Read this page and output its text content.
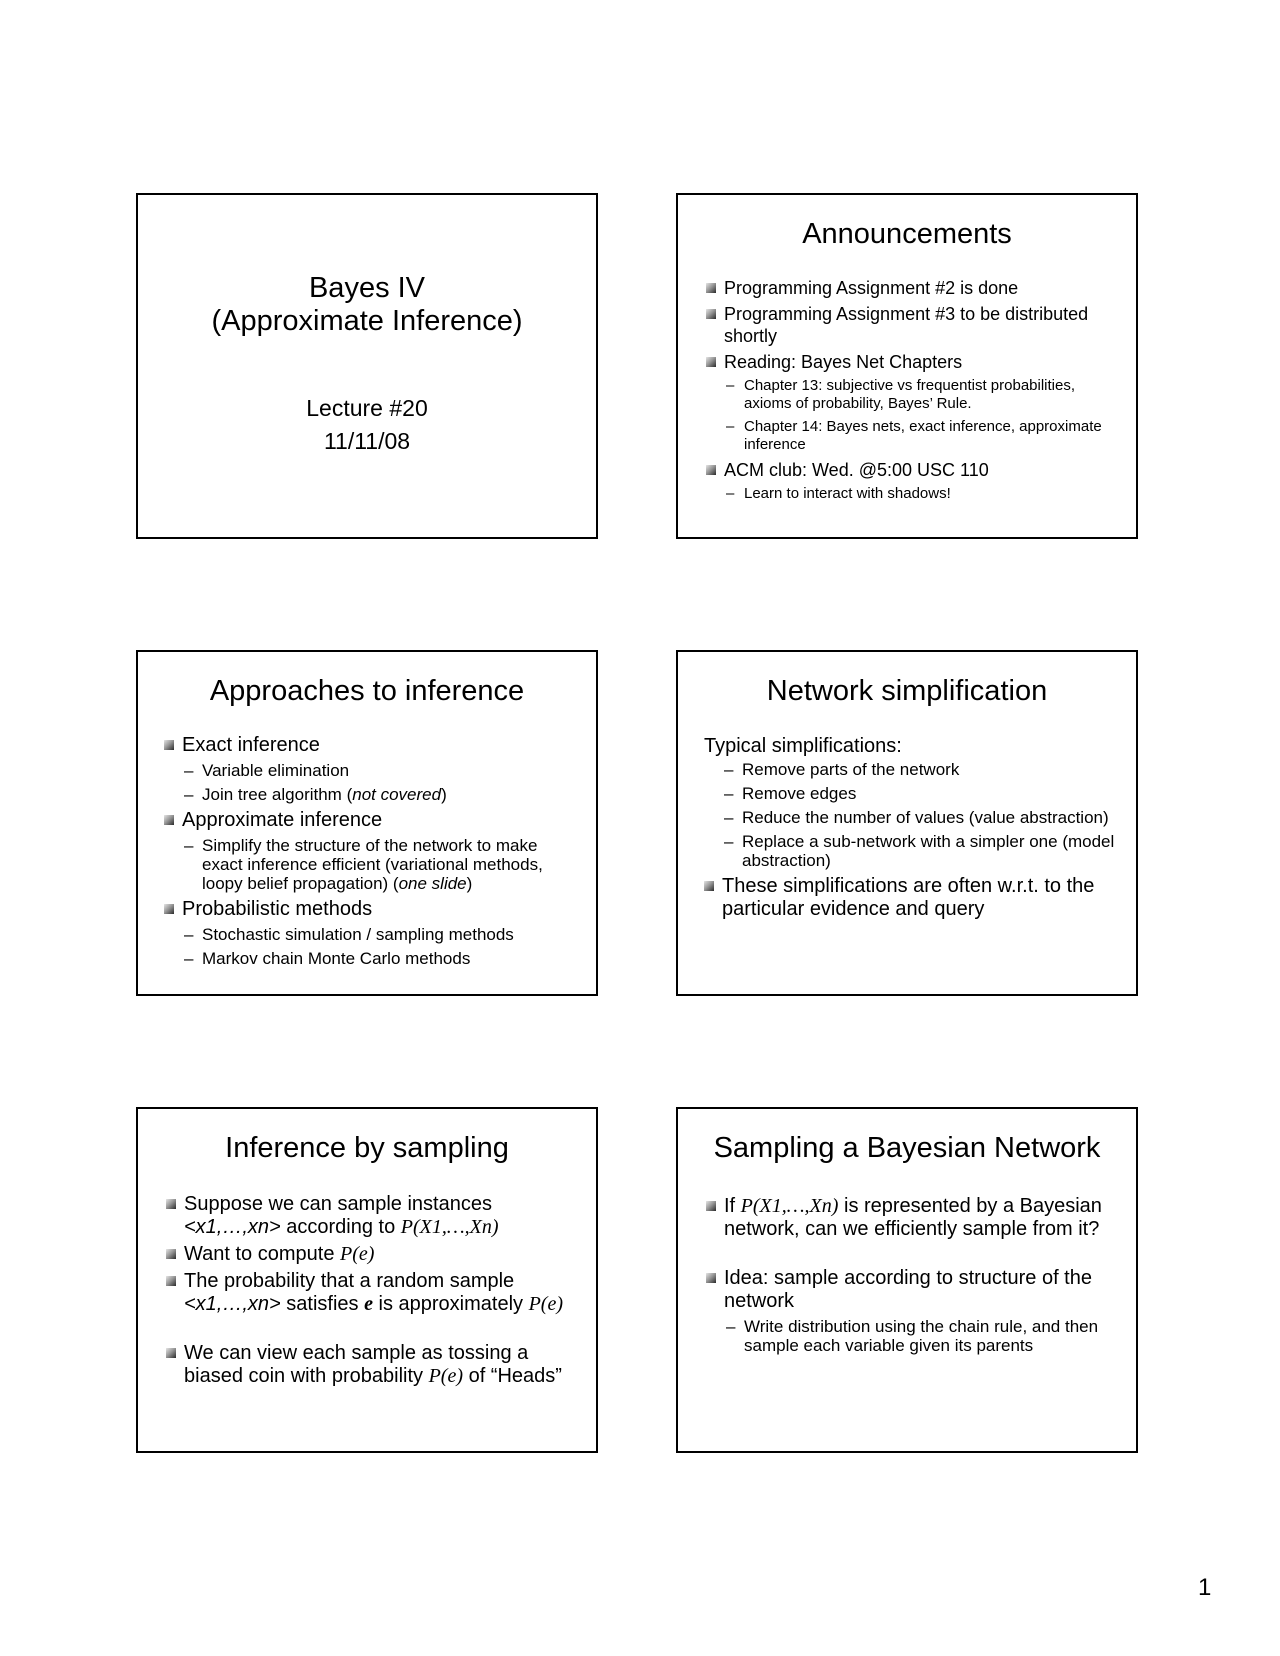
Bayes IV
(Approximate Inference)
Lecture #20
11/11/08
Announcements
Programming Assignment #2 is done
Programming Assignment #3 to be distributed shortly
Reading: Bayes Net Chapters
– Chapter 13: subjective vs frequentist probabilities, axioms of probability, Bayes’ Rule.
– Chapter 14: Bayes nets, exact inference, approximate inference
ACM club: Wed. @5:00 USC 110
– Learn to interact with shadows!
Approaches to inference
Exact inference
– Variable elimination
– Join tree algorithm (not covered)
Approximate inference
– Simplify the structure of the network to make exact inference efficient (variational methods, loopy belief propagation) (one slide)
Probabilistic methods
– Stochastic simulation / sampling methods
– Markov chain Monte Carlo methods
Network simplification
Typical simplifications:
– Remove parts of the network
– Remove edges
– Reduce the number of values (value abstraction)
– Replace a sub-network with a simpler one (model abstraction)
These simplifications are often w.r.t. to the particular evidence and query
Inference by sampling
Suppose we can sample instances
<x1,…,xn> according to P(X1,…,Xn)
Want to compute P(e)
The probability that a random sample
<x1,…,xn> satisfies e is approximately P(e)
We can view each sample as tossing a biased coin with probability P(e) of “Heads”
Sampling a Bayesian Network
If P(X1,…,Xn) is represented by a Bayesian network, can we efficiently sample from it?
Idea: sample according to structure of the network
– Write distribution using the chain rule, and then sample each variable given its parents
1
